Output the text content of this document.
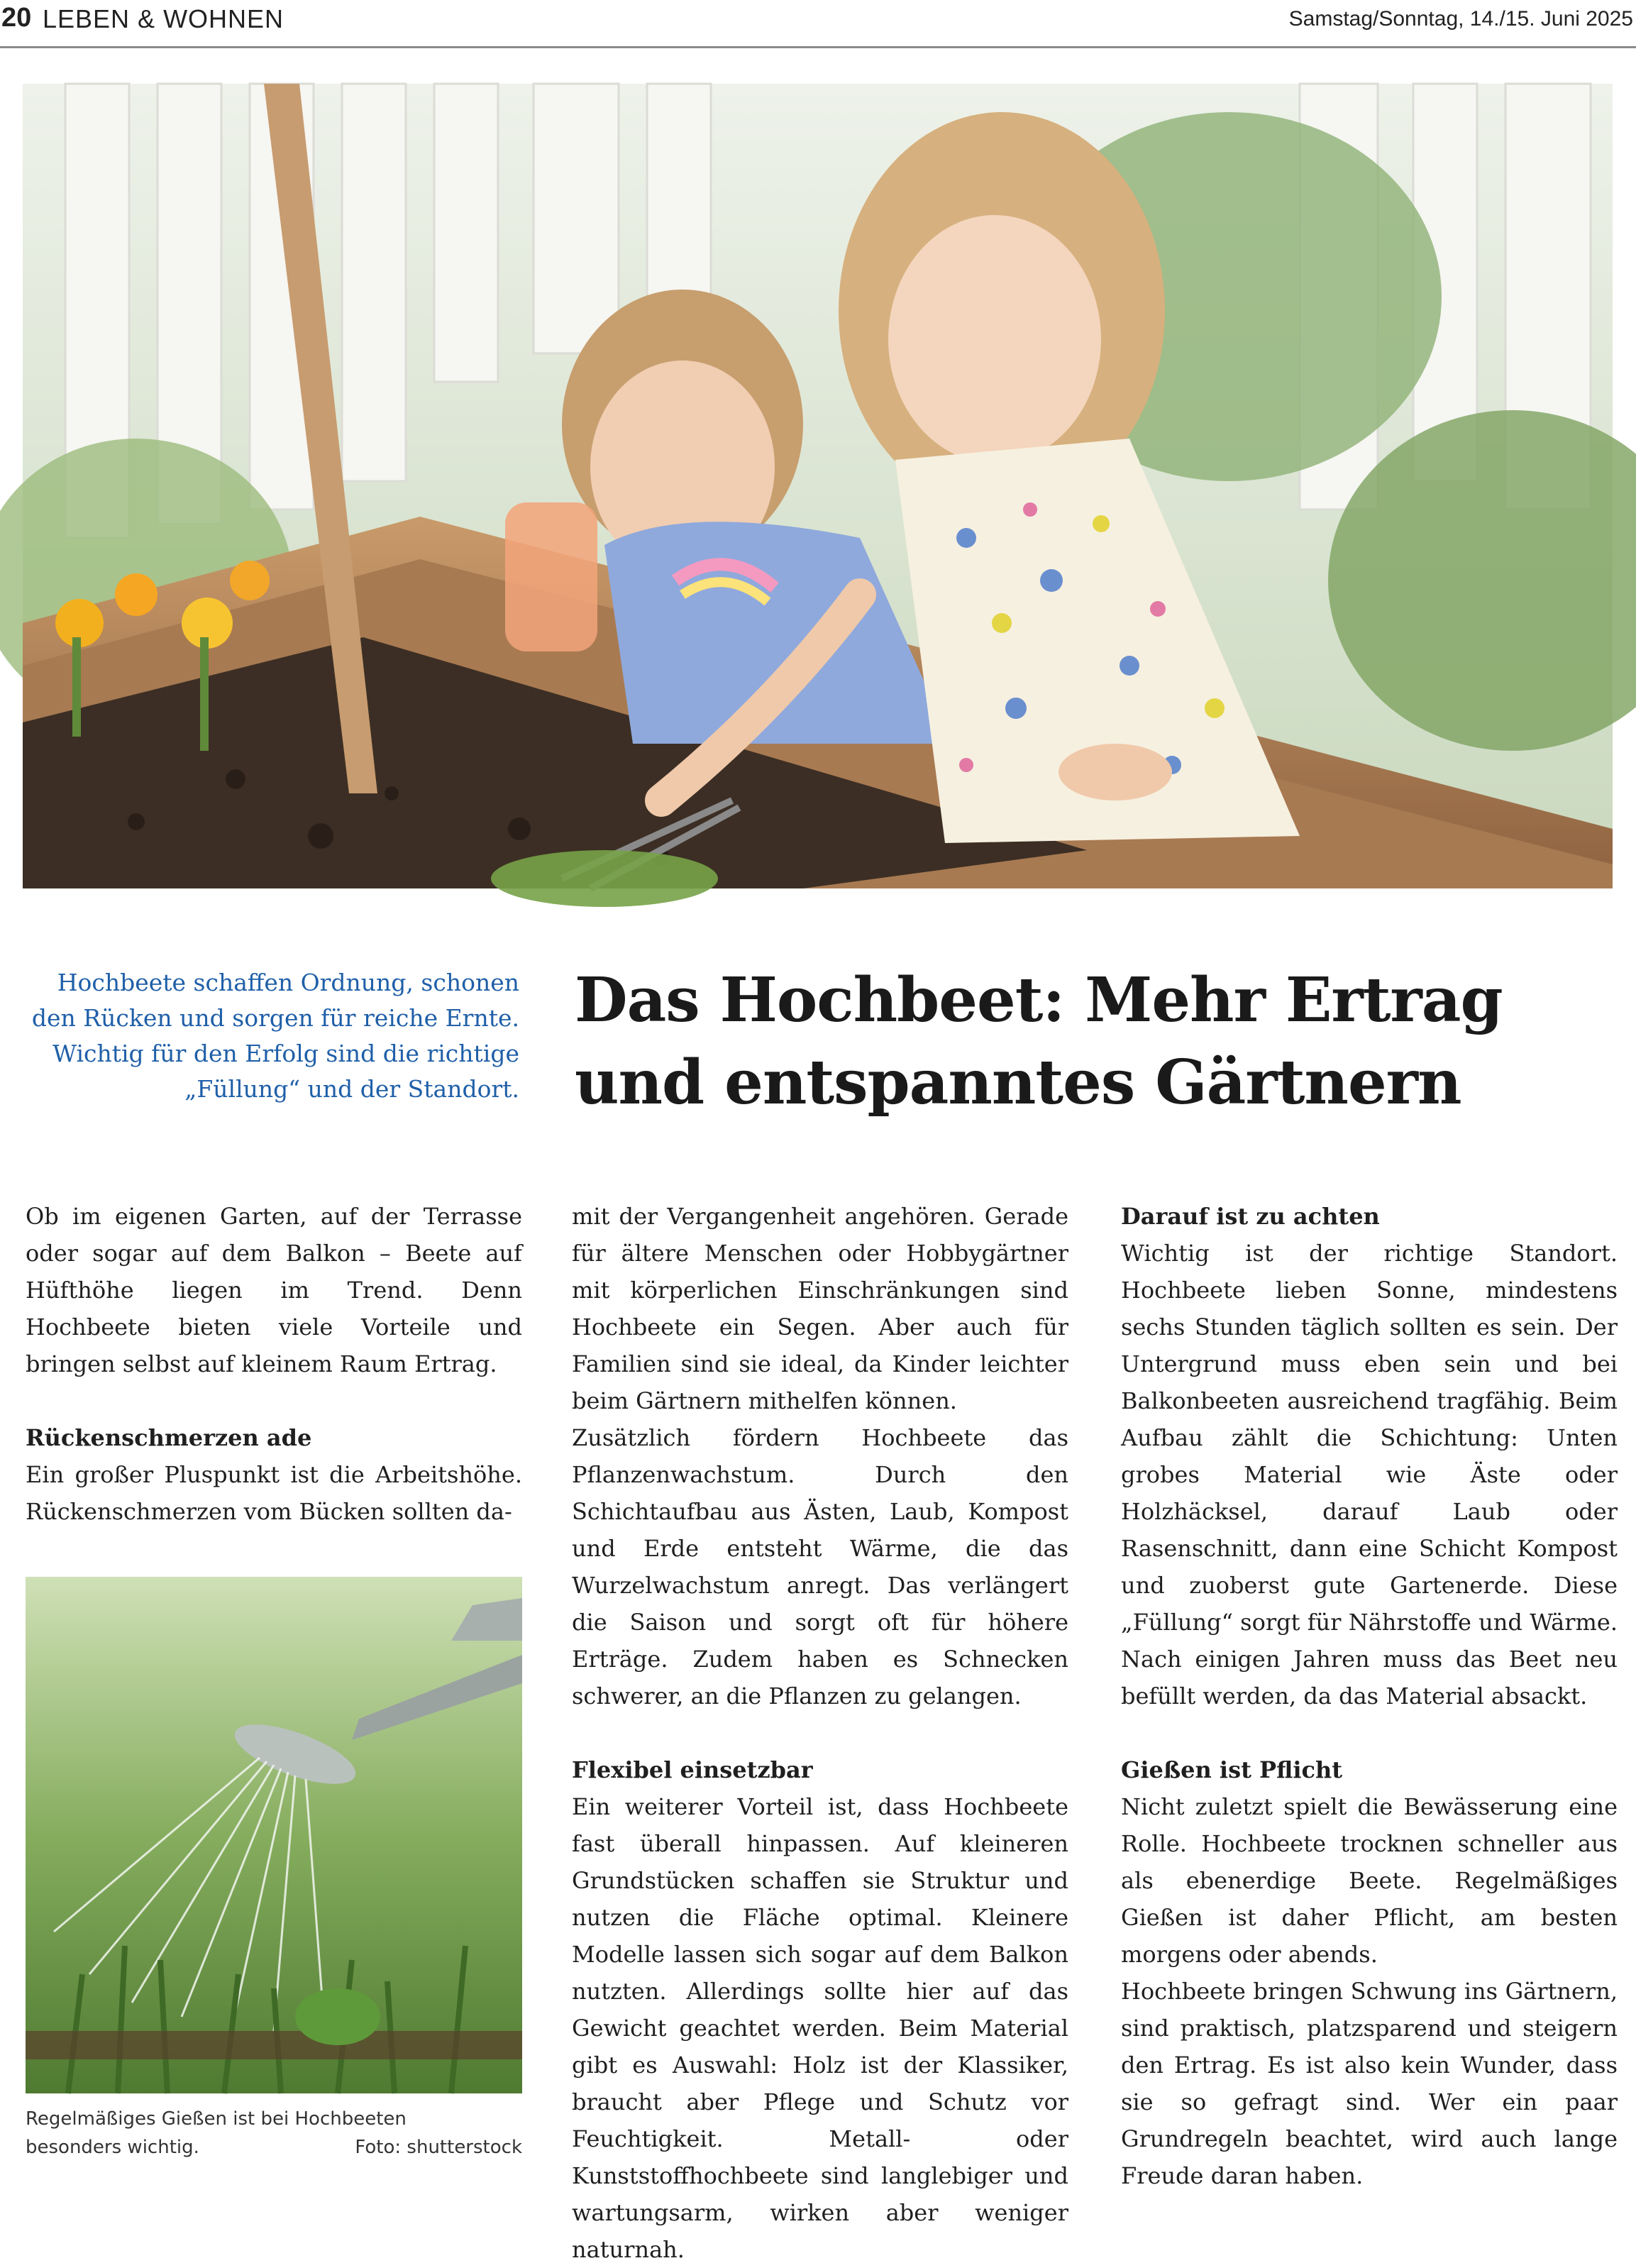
20 LEBEN & WOHNEN	Samstag/Sonntag, 14./15. Juni 2025
Hochbeete schaffen Ordnung, schonen den Rücken und sorgen für reiche Ernte. Wichtig für den Erfolg sind die richtige „Füllung“ und der Standort.
Das Hochbeet: Mehr Ertrag
und entspanntes Gärtnern

Ob im eigenen Garten, auf der Terrasse oder sogar auf dem Balkon – Beete auf Hüfthöhe liegen im Trend. Denn Hochbeete bieten viele Vorteile und bringen selbst auf kleinem Raum Ertrag.

Rückenschmerzen ade

Ein großer Pluspunkt ist die Arbeitshöhe. Rückenschmerzen vom Bücken sollten da-

Regelmäßiges Gießen ist bei Hochbeeten besonders wichtig.	Foto: shutterstock

mit der Vergangenheit angehören. Gerade für ältere Menschen oder Hobbygärtner mit körperlichen Einschränkungen sind Hochbeete ein Segen. Aber auch für Familien sind sie ideal, da Kinder leichter beim Gärtnern mithelfen können.

Zusätzlich fördern Hochbeete das Pflanzenwachstum. Durch den Schichtaufbau aus Ästen, Laub, Kompost und Erde entsteht Wärme, die das Wurzelwachstum anregt. Das verlängert die Saison und sorgt oft für höhere Erträge. Zudem haben es Schnecken schwerer, an die Pflanzen zu gelangen.

Flexibel einsetzbar

Ein weiterer Vorteil ist, dass Hochbeete fast überall hinpassen. Auf kleineren Grundstücken schaffen sie Struktur und nutzen die Fläche optimal. Kleinere Modelle lassen sich sogar auf dem Balkon nutzten. Allerdings sollte hier auf das Gewicht geachtet werden. Beim Material gibt es Auswahl: Holz ist der Klassiker, braucht aber Pflege und Schutz vor Feuchtigkeit. Metall- oder Kunststoffhochbeete sind langlebiger und wartungsarm, wirken aber weniger naturnah.

Darauf ist zu achten

Wichtig ist der richtige Standort. Hochbeete lieben Sonne, mindestens sechs Stunden täglich sollten es sein. Der Untergrund muss eben sein und bei Balkonbeeten ausreichend tragfähig. Beim Aufbau zählt die Schichtung: Unten grobes Material wie Äste oder Holzhäcksel, darauf Laub oder Rasenschnitt, dann eine Schicht Kompost und zuoberst gute Gartenerde. Diese „Füllung“ sorgt für Nährstoffe und Wärme. Nach einigen Jahren muss das Beet neu befüllt werden, da das Material absackt.

Gießen ist Pflicht

Nicht zuletzt spielt die Bewässerung eine Rolle. Hochbeete trocknen schneller aus als ebenerdige Beete. Regelmäßiges Gießen ist daher Pflicht, am besten morgens oder abends.

Hochbeete bringen Schwung ins Gärtnern, sind praktisch, platzsparend und steigern den Ertrag. Es ist also kein Wunder, dass sie so gefragt sind. Wer ein paar Grundregeln beachtet, wird auch lange Freude daran haben.
